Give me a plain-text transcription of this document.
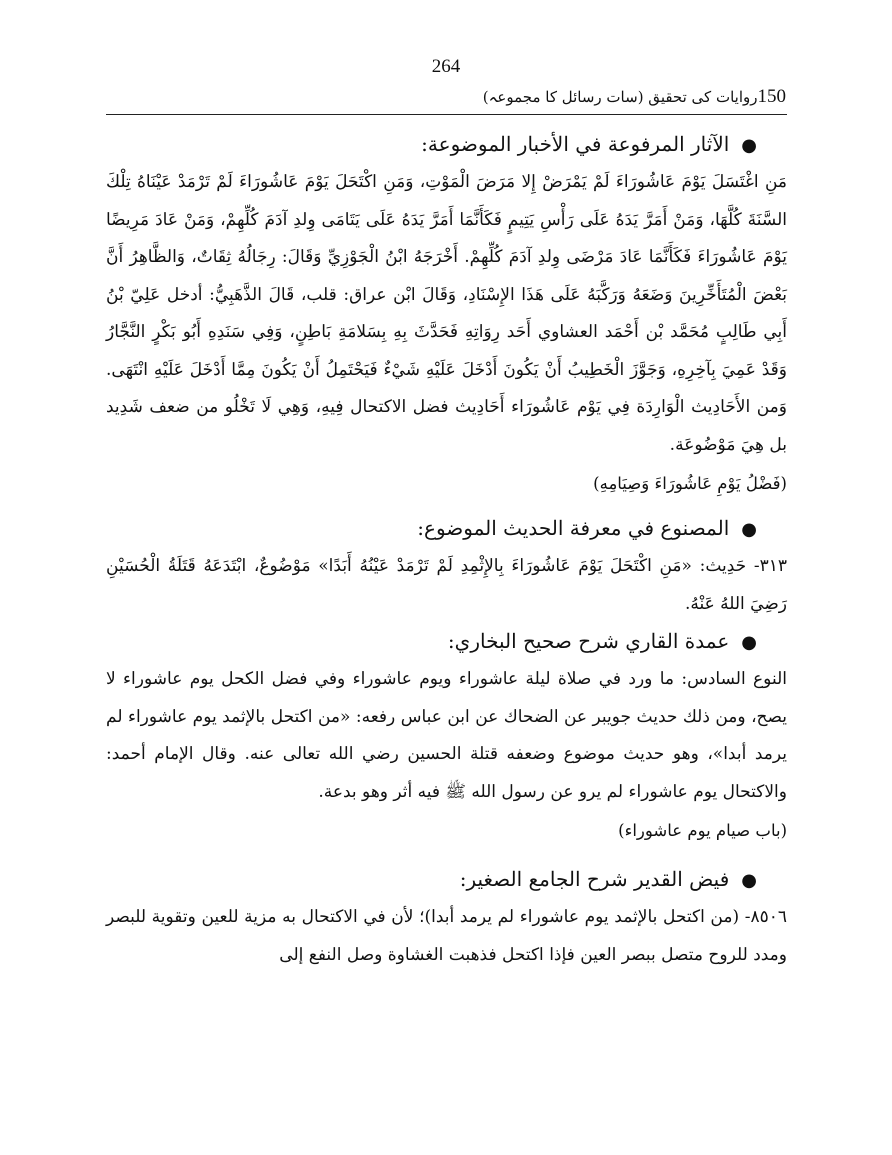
264
150روایات کی تحقیق (سات رسائل کا مجموعہ)
●الآثار المرفوعة في الأخبار الموضوعة:

مَنِ اغْتَسَلَ يَوْمَ عَاشُورَاءَ لَمْ يَمْرَضْ إِلا مَرَضَ الْمَوْتِ، وَمَنِ اكْتَحَلَ يَوْمَ عَاشُورَاءَ لَمْ تَرْمَدْ عَيْنَاهُ تِلْكَ السَّنَةَ كُلَّهَا، وَمَنْ أَمَرَّ يَدَهُ عَلَى رَأْسِ يَتِيمٍ فَكَأَنَّمَا أَمَرَّ يَدَهُ عَلَى يَتَامَى وِلدِ آدَمَ كُلِّهِمْ، وَمَنْ عَادَ مَرِيضًا يَوْمَ عَاشُورَاءَ فَكَأَنَّمَا عَادَ مَرْضَى وِلدِ آدَمَ كُلِّهِمْ. أَخْرَجَهُ ابْنُ الْجَوْزِيِّ وَقَالَ: رِجَالُهُ ثِقَاتٌ، وَالظَّاهِرُ أَنَّ بَعْضَ الْمُتَأَخِّرِينَ وَضَعَهُ وَرَكَّبَهُ عَلَى هَذَا الإِسْنَادِ، وَقَالَ ابْن عراق: قلب، قَالَ الذَّهَبِيُّ: أدخل عَلِيّ بْنُ أَبِي طَالِبٍ مُحَمَّد بْن أَحْمَد العشاوي أَحَد رِوَاتِهِ فَحَدَّثَ بِهِ بِسَلامَةِ بَاطِنٍ، وَفِي سَنَدِهِ أَبُو بَكْرٍ النَّجَّارُ وَقَدْ عَمِيَ بِآخِرِهِ، وَجَوَّزَ الْخَطِيبُ أَنْ يَكُونَ أَدْخَلَ عَلَيْهِ شَيْءٌ فَيَحْتَمِلُ أَنْ يَكُونَ مِمَّا أَدْخَلَ عَلَيْهِ انْتَهَى. وَمن الأَحَادِيث الْوَارِدَة فِي يَوْم عَاشُورَاء أَحَادِيث فضل الاكتحال فِيهِ، وَهِي لَا تَخْلُو من ضعف شَدِيد بل هِيَ مَوْضُوعَة.

(فَضْلُ يَوْمِ عَاشُورَاءَ وَصِيَامِهِ)

●المصنوع في معرفة الحديث الموضوع:

٣١٣- حَدِيث: «مَنِ اكْتَحَلَ يَوْمَ عَاشُورَاءَ بِالإِثْمِدِ لَمْ تَرْمَدْ عَيْنُهُ أَبَدًا» مَوْضُوعٌ، ابْتَدَعَهُ قَتَلَةُ الْحُسَيْنِ رَضِيَ اللهُ عَنْهُ.

●عمدة القاري شرح صحيح البخاري:

النوع السادس: ما ورد في صلاة ليلة عاشوراء ويوم عاشوراء وفي فضل الكحل يوم عاشوراء لا يصح، ومن ذلك حديث جويبر عن الضحاك عن ابن عباس رفعه: «من اكتحل بالإثمد يوم عاشوراء لم يرمد أبدا»، وهو حديث موضوع وضعفه قتلة الحسين رضي الله تعالى عنه. وقال الإمام أحمد: والاكتحال يوم عاشوراء لم يرو عن رسول الله ﷺ فيه أثر وهو بدعة.

(باب صيام يوم عاشوراء)

●فيض القدير شرح الجامع الصغير:

٨٥٠٦- (من اكتحل بالإثمد يوم عاشوراء لم يرمد أبدا)؛ لأن في الاكتحال به مزية للعين وتقوية للبصر ومدد للروح متصل ببصر العين فإذا اكتحل فذهبت الغشاوة وصل النفع إلى
